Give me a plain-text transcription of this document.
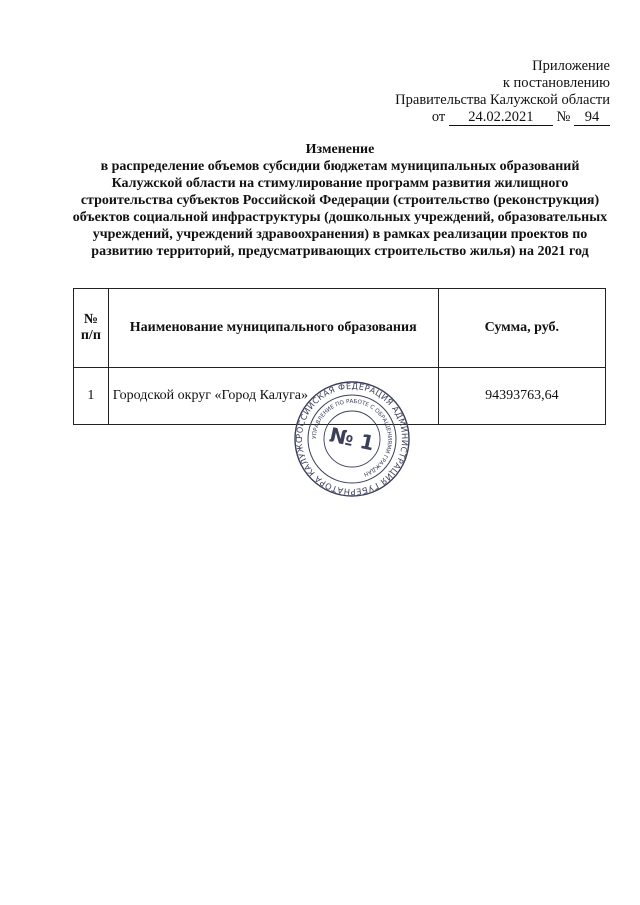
Приложение
к постановлению
Правительства Калужской области
от 24.02.2021 № 94
Изменение
в распределение объемов субсидии бюджетам муниципальных образований
Калужской области на стимулирование программ развития жилищного
строительства субъектов Российской Федерации (строительство (реконструкция)
объектов социальной инфраструктуры (дошкольных учреждений, образовательных
учреждений, учреждений здравоохранения) в рамках реализации проектов по
развитию территорий, предусматривающих строительство жилья) на 2021 год
№
п/п	Наименование муниципального образования	Сумма, руб.
1	Городской округ «Город Калуга»	94393763,64
РОССИЙСКАЯ ФЕДЕРАЦИЯ АДМИНИСТРАЦИЯ ГУБЕРНАТОРА КАЛУЖС	УПРАВЛЕНИЕ ПО РАБОТЕ С ОБРАЩЕНИЯМИ ГРАЖДАН
№ 1
